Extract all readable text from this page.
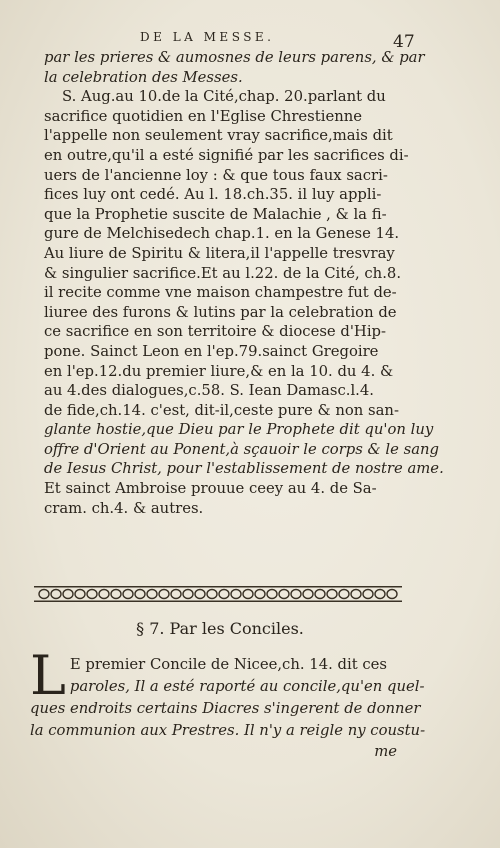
DE LA MESSE.	47
par les prieres & aumosnes de leurs parens, & par
la celebration des Messes.
S. Aug.au 10.de la Cité,chap. 20.parlant du
sacrifice quotidien en l'Eglise Chrestienne
l'appelle non seulement vray sacrifice,mais dit
en outre,qu'il a esté signifié par les sacrifices di-
uers de l'ancienne loy : & que tous faux sacri-
fices luy ont cedé. Au l. 18.ch.35. il luy appli-
que la Prophetie suscite de Malachie , & la fi-
gure de Melchisedech chap.1. en la Genese 14.
Au liure de Spiritu & litera,il l'appelle tresvray
& singulier sacrifice.Et au l.22. de la Cité, ch.8.
il recite comme vne maison champestre fut de-
liuree des furons & lutins par la celebration de
ce sacrifice en son territoire & diocese d'Hip-
pone. Sainct Leon en l'ep.79.sainct Gregoire
en l'ep.12.du premier liure,& en la 10. du 4. &
au 4.des dialogues,c.58. S. Iean Damasc.l.4.
de fide,ch.14. c'est, dit-il,ceste pure & non san-
glante hostie,que Dieu par le Prophete dit qu'on luy
offre d'Orient au Ponent,à sçauoir le corps & le sang
de Iesus Christ, pour l'establissement de nostre ame.
Et sainct Ambroise prouue ceey au 4. de Sa-
cram. ch.4. & autres.
§ 7. Par les Conciles.
L E premier Concile de Nicee,ch. 14. dit ces
paroles, Il a esté raporté au concile,qu'en quel-
ques endroits certains Diacres s'ingerent de donner
la communion aux Prestres. Il n'y a reigle ny coustu-
me
